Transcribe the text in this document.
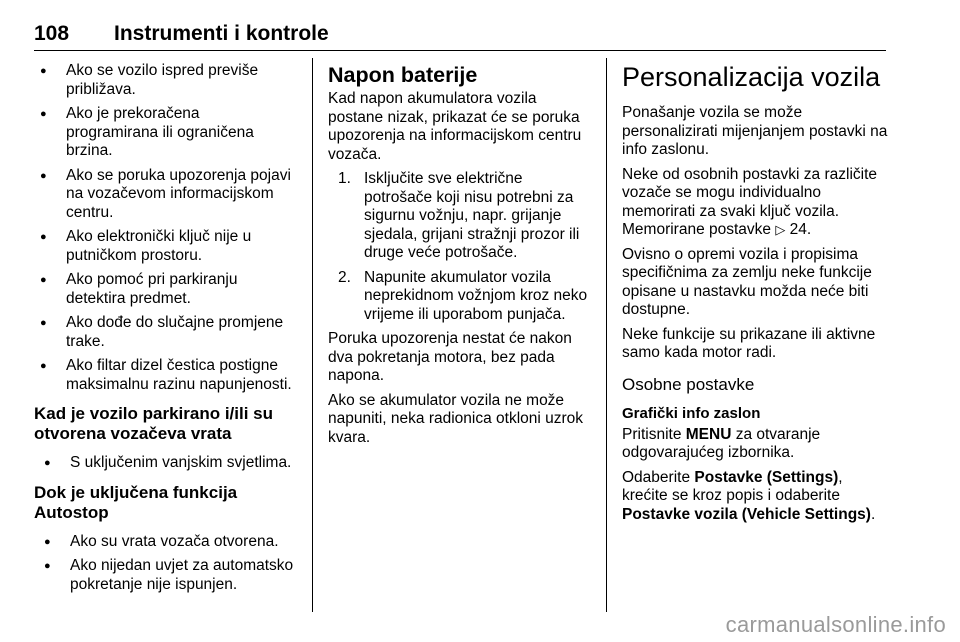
108 Instrumenti i kontrole
● Ako se vozilo ispred previše približava.
● Ako je prekoračena programirana ili ograničena brzina.
● Ako se poruka upozorenja pojavi na vozačevom informacijskom centru.
● Ako elektronički ključ nije u putničkom prostoru.
● Ako pomoć pri parkiranju detektira predmet.
● Ako dođe do slučajne promjene trake.
● Ako filtar dizel čestica postigne maksimalnu razinu napunjenosti.
Kad je vozilo parkirano i/ili su otvorena vozačeva vrata
● S uključenim vanjskim svjetlima.
Dok je uključena funkcija Autostop
● Ako su vrata vozača otvorena.
● Ako nijedan uvjet za automatsko pokretanje nije ispunjen.
Napon baterije

Kad napon akumulatora vozila postane nizak, prikazat će se poruka upozorenja na informacijskom centru vozača.

1. Isključite sve električne potrošače koji nisu potrebni za sigurnu vožnju, napr. grijanje sjedala, grijani stražnji prozor ili druge veće potrošače.
2. Napunite akumulator vozila neprekidnom vožnjom kroz neko vrijeme ili uporabom punjača.

Poruka upozorenja nestat će nakon dva pokretanja motora, bez pada napona.

Ako se akumulator vozila ne može napuniti, neka radionica otkloni uzrok kvara.

Personalizacija vozila

Ponašanje vozila se može personalizirati mijenjanjem postavki na info zaslonu.

Neke od osobnih postavki za različite vozače se mogu individualno memorirati za svaki ključ vozila. Memorirane postavke ▷ 24.

Ovisno o opremi vozila i propisima specifičnima za zemlju neke funkcije opisane u nastavku možda neće biti dostupne.

Neke funkcije su prikazane ili aktivne samo kada motor radi.

Osobne postavke
Grafički info zaslon

Pritisnite MENU za otvaranje odgovarajućeg izbornika.

Odaberite Postavke (Settings), krećite se kroz popis i odaberite Postavke vozila (Vehicle Settings).

carmanualsonline.info
